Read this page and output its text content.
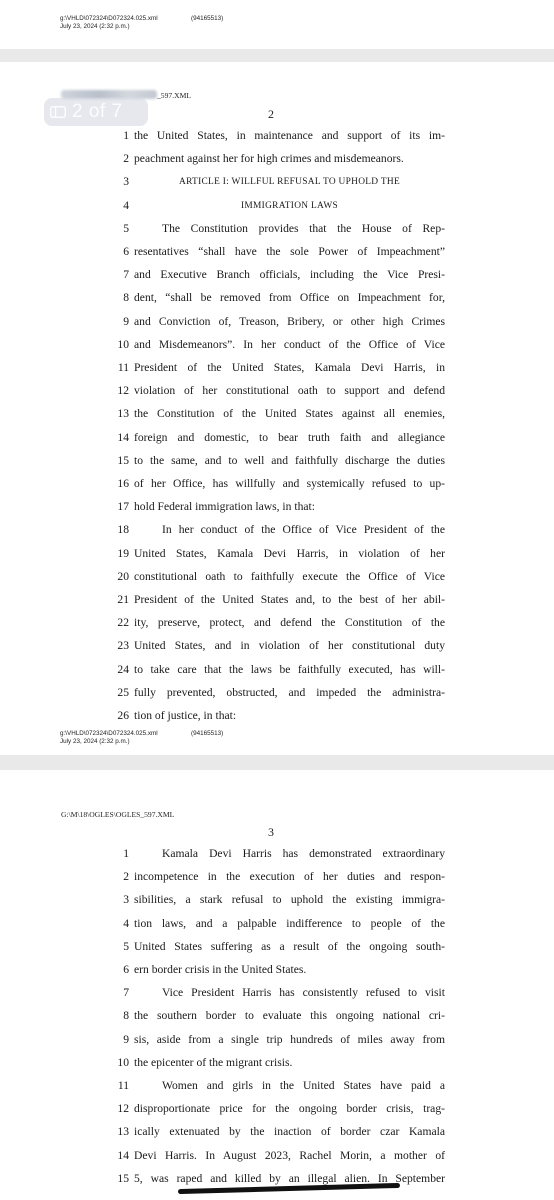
g:\VHLD\072324\D072324.025.xml	(94165513)
July 23, 2024 (2:32 p.m.)
_597.XML
2
1 the United States, in maintenance and support of its im-
2 peachment against her for high crimes and misdemeanors.
3	ARTICLE I: WILLFUL REFUSAL TO UPHOLD THE
4	IMMIGRATION LAWS
5	The Constitution provides that the House of Rep-
6 resentatives “shall have the sole Power of Impeachment”
7 and Executive Branch officials, including the Vice Presi-
8 dent, “shall be removed from Office on Impeachment for,
9 and Conviction of, Treason, Bribery, or other high Crimes
10 and Misdemeanors”. In her conduct of the Office of Vice
11 President of the United States, Kamala Devi Harris, in
12 violation of her constitutional oath to support and defend
13 the Constitution of the United States against all enemies,
14 foreign and domestic, to bear truth faith and allegiance
15 to the same, and to well and faithfully discharge the duties
16 of her Office, has willfully and systemically refused to up-
17 hold Federal immigration laws, in that:
18	In her conduct of the Office of Vice President of the
19 United States, Kamala Devi Harris, in violation of her
20 constitutional oath to faithfully execute the Office of Vice
21 President of the United States and, to the best of her abil-
22 ity, preserve, protect, and defend the Constitution of the
23 United States, and in violation of her constitutional duty
24 to take care that the laws be faithfully executed, has will-
25 fully prevented, obstructed, and impeded the administra-
26 tion of justice, in that:
g:\VHLD\072324\D072324.025.xml	(94165513)
July 23, 2024 (2:32 p.m.)
2 of 7
G:\M\18\OGLES\OGLES_597.XML
3
1	Kamala Devi Harris has demonstrated extraordinary
2 incompetence in the execution of her duties and respon-
3 sibilities, a stark refusal to uphold the existing immigra-
4 tion laws, and a palpable indifference to people of the
5 United States suffering as a result of the ongoing south-
6 ern border crisis in the United States.
7	Vice President Harris has consistently refused to visit
8 the southern border to evaluate this ongoing national cri-
9 sis, aside from a single trip hundreds of miles away from
10 the epicenter of the migrant crisis.
11	Women and girls in the United States have paid a
12 disproportionate price for the ongoing border crisis, trag-
13 ically extenuated by the inaction of border czar Kamala
14 Devi Harris. In August 2023, Rachel Morin, a mother of
15 5, was raped and killed by an illegal alien. In September
